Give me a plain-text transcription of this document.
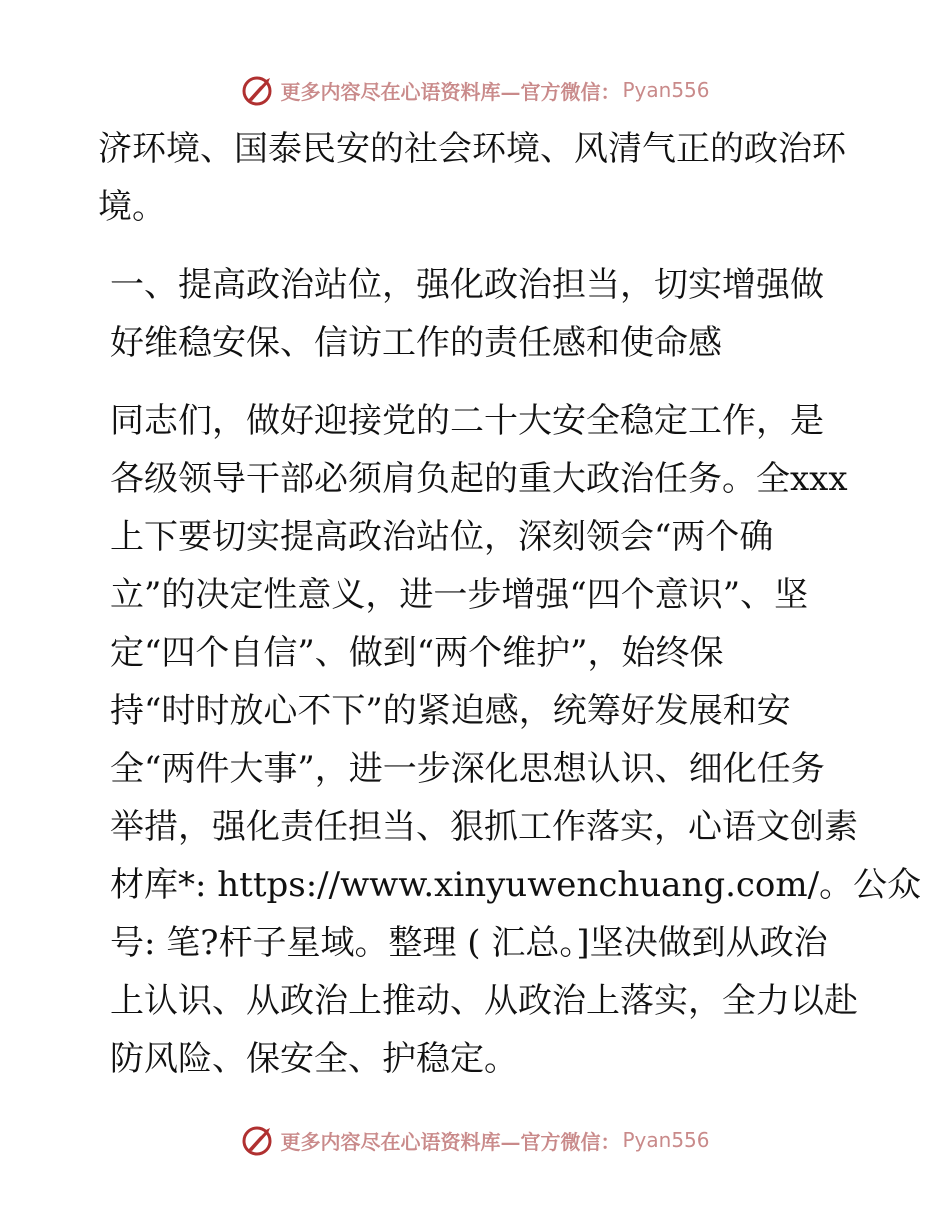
更多内容尽在心语资料库—官方微信： Pyan556

济环境、国泰民安的社会环境、风清气正的政治环
境。

一、提高政治站位，强化政治担当，切实增强做
好维稳安保、信访工作的责任感和使命感

同志们，做好迎接党的二十大安全稳定工作，是
各级领导干部必须肩负起的重大政治任务。全xxx
上下要切实提高政治站位，深刻领会“两个确
立”的决定性意义，进一步增强“四个意识”、坚
定“四个自信”、做到“两个维护”，始终保
持“时时放心不下”的紧迫感，统筹好发展和安
全“两件大事”，进一步深化思想认识、细化任务
举措，强化责任担当、狠抓工作落实，心语文创素
材库*: https://www.xinyuwenchuang.com/。公众
号: 笔?杆子星域。整理 ( 汇总。]坚决做到从政治
上认识、从政治上推动、从政治上落实，全力以赴
防风险、保安全、护稳定。

更多内容尽在心语资料库—官方微信： Pyan556
